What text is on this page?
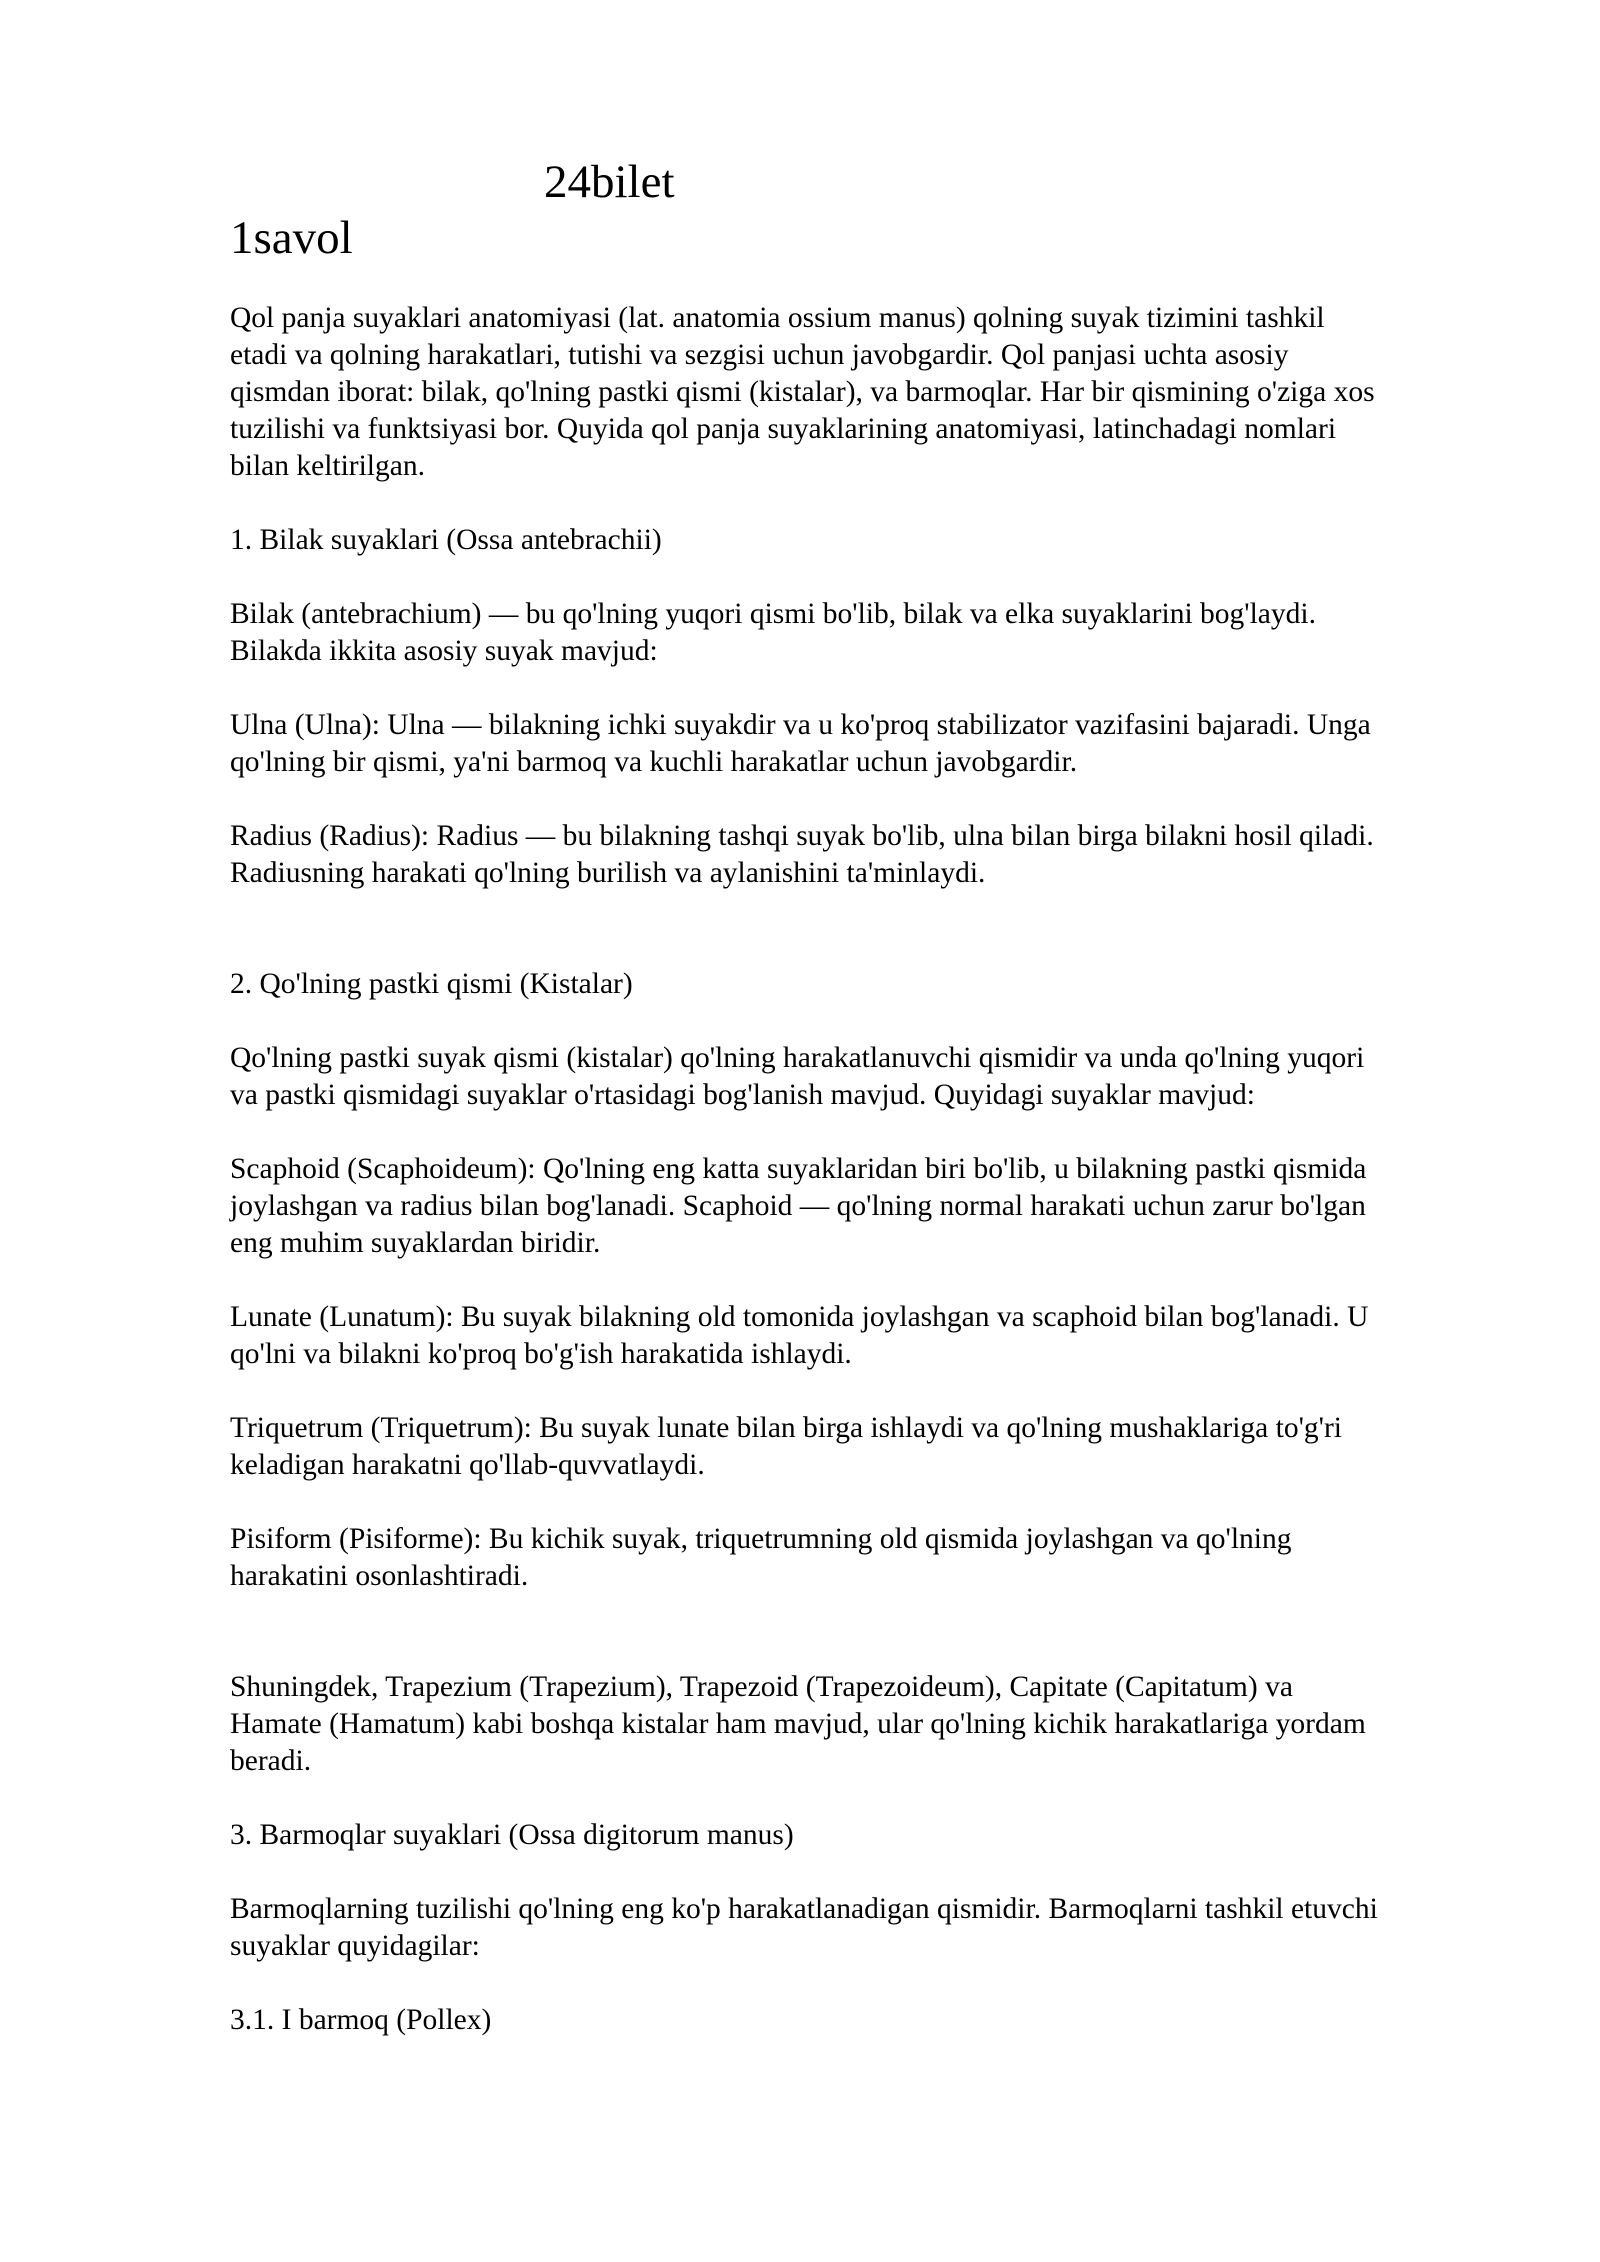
24bilet
1savol

Qol panja suyaklari anatomiyasi (lat. anatomia ossium manus) qolning suyak tizimini tashkil

etadi va qolning harakatlari, tutishi va sezgisi uchun javobgardir. Qol panjasi uchta asosiy

qismdan iborat: bilak, qo'lning pastki qismi (kistalar), va barmoqlar. Har bir qismining o'ziga xos

tuzilishi va funktsiyasi bor. Quyida qol panja suyaklarining anatomiyasi, latinchadagi nomlari

bilan keltirilgan.

1. Bilak suyaklari (Ossa antebrachii)

Bilak (antebrachium) — bu qo'lning yuqori qismi bo'lib, bilak va elka suyaklarini bog'laydi.

Bilakda ikkita asosiy suyak mavjud:

Ulna (Ulna): Ulna — bilakning ichki suyakdir va u ko'proq stabilizator vazifasini bajaradi. Unga

qo'lning bir qismi, ya'ni barmoq va kuchli harakatlar uchun javobgardir.

Radius (Radius): Radius — bu bilakning tashqi suyak bo'lib, ulna bilan birga bilakni hosil qiladi.

Radiusning harakati qo'lning burilish va aylanishini ta'minlaydi.

2. Qo'lning pastki qismi (Kistalar)

Qo'lning pastki suyak qismi (kistalar) qo'lning harakatlanuvchi qismidir va unda qo'lning yuqori

va pastki qismidagi suyaklar o'rtasidagi bog'lanish mavjud. Quyidagi suyaklar mavjud:

Scaphoid (Scaphoideum): Qo'lning eng katta suyaklaridan biri bo'lib, u bilakning pastki qismida

joylashgan va radius bilan bog'lanadi. Scaphoid — qo'lning normal harakati uchun zarur bo'lgan

eng muhim suyaklardan biridir.

Lunate (Lunatum): Bu suyak bilakning old tomonida joylashgan va scaphoid bilan bog'lanadi. U

qo'lni va bilakni ko'proq bo'g'ish harakatida ishlaydi.

Triquetrum (Triquetrum): Bu suyak lunate bilan birga ishlaydi va qo'lning mushaklariga to'g'ri

keladigan harakatni qo'llab-quvvatlaydi.

Pisiform (Pisiforme): Bu kichik suyak, triquetrumning old qismida joylashgan va qo'lning

harakatini osonlashtiradi.

Shuningdek, Trapezium (Trapezium), Trapezoid (Trapezoideum), Capitate (Capitatum) va

Hamate (Hamatum) kabi boshqa kistalar ham mavjud, ular qo'lning kichik harakatlariga yordam

beradi.

3. Barmoqlar suyaklari (Ossa digitorum manus)

Barmoqlarning tuzilishi qo'lning eng ko'p harakatlanadigan qismidir. Barmoqlarni tashkil etuvchi

suyaklar quyidagilar:

3.1. I barmoq (Pollex)
